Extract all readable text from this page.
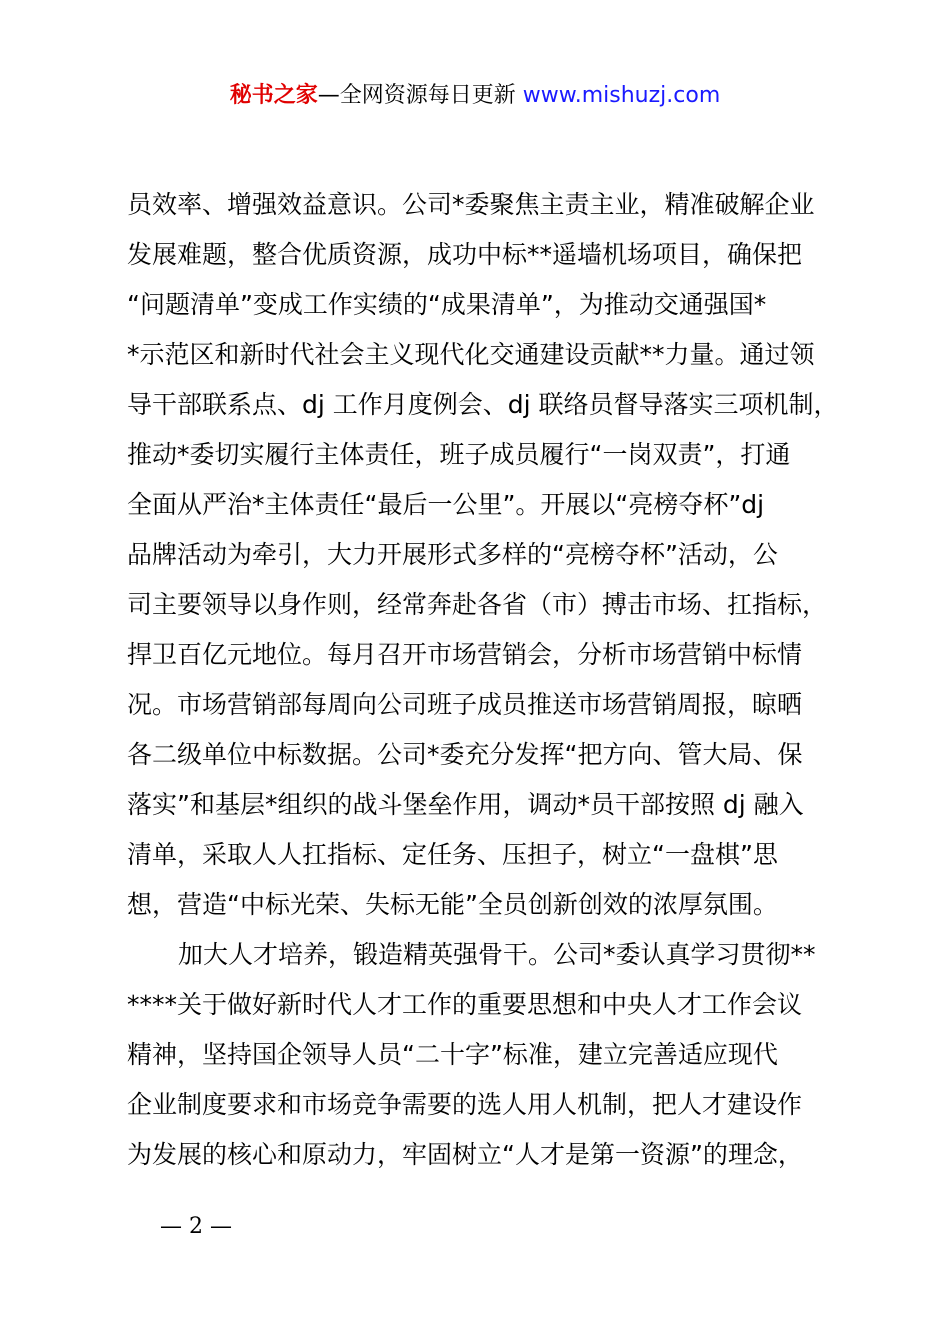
秘书之家—全网资源每日更新 www.mishuzj.com
员效率、增强效益意识。公司*委聚焦主责主业，精准破解企业
发展难题，整合优质资源，成功中标**遥墙机场项目，确保把
“问题清单”变成工作实绩的“成果清单”，为推动交通强国*
*示范区和新时代社会主义现代化交通建设贡献**力量。通过领
导干部联系点、dj 工作月度例会、dj 联络员督导落实三项机制，
推动*委切实履行主体责任，班子成员履行“一岗双责”，打通
全面从严治*主体责任“最后一公里”。开展以“亮榜夺杯”dj
品牌活动为牵引，大力开展形式多样的“亮榜夺杯”活动，公
司主要领导以身作则，经常奔赴各省（市）搏击市场、扛指标，
捍卫百亿元地位。每月召开市场营销会，分析市场营销中标情
况。市场营销部每周向公司班子成员推送市场营销周报，晾晒
各二级单位中标数据。公司*委充分发挥“把方向、管大局、保
落实”和基层*组织的战斗堡垒作用，调动*员干部按照 dj 融入
清单，采取人人扛指标、定任务、压担子，树立“一盘棋”思
想，营造“中标光荣、失标无能”全员创新创效的浓厚氛围。
加大人才培养，锻造精英强骨干。公司*委认真学习贯彻**
****关于做好新时代人才工作的重要思想和中央人才工作会议
精神，坚持国企领导人员“二十字”标准，建立完善适应现代
企业制度要求和市场竞争需要的选人用人机制，把人才建设作
为发展的核心和原动力，牢固树立“人才是第一资源”的理念，
— 2 —
